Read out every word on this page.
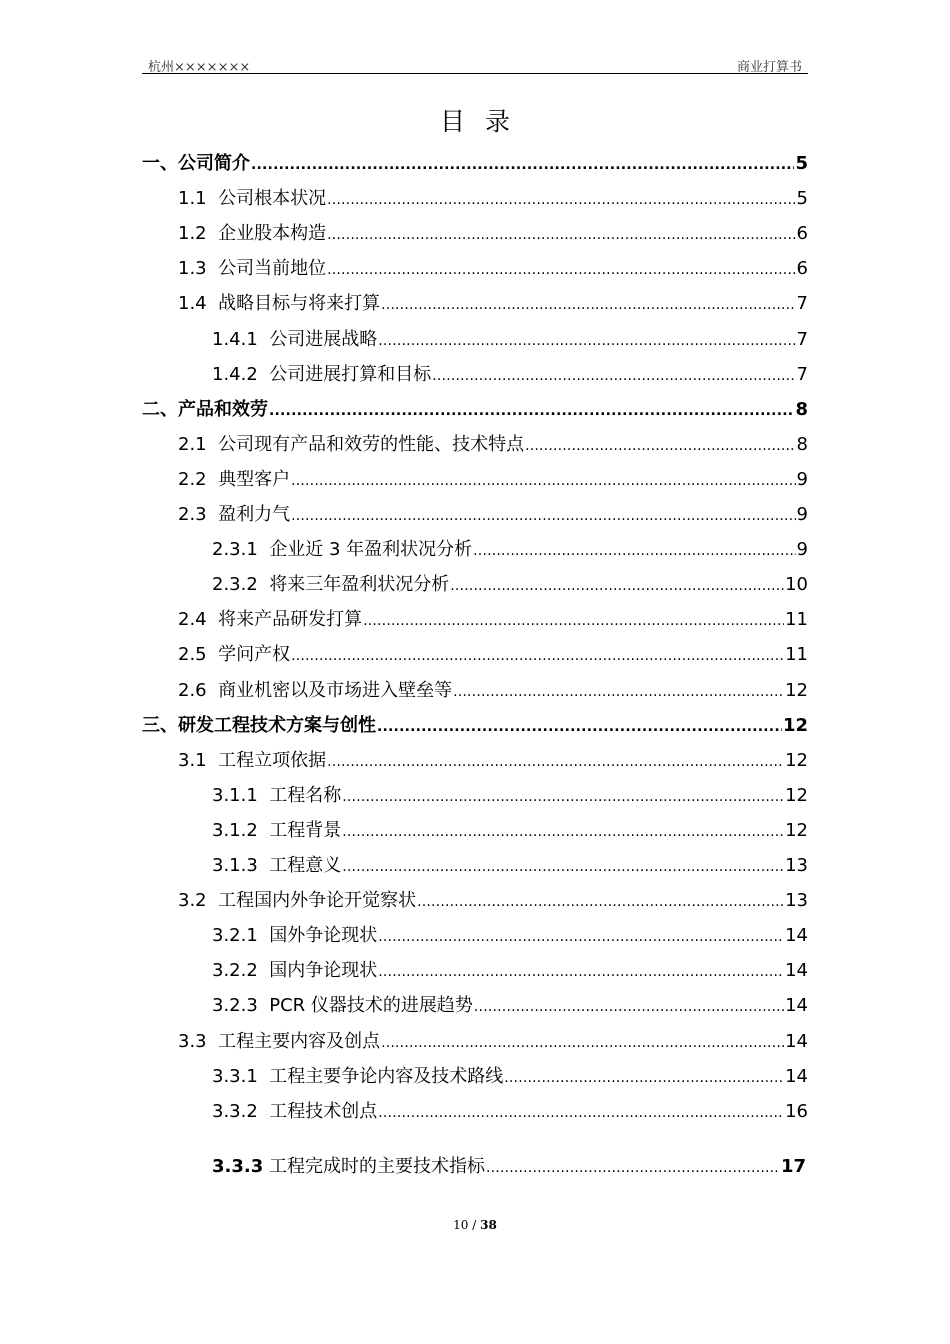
杭州×××××××	商业打算书
目录
一、公司简介 .....	5
1.1  公司根本状况 .....	5
1.2  企业股本构造 .....	6
1.3  公司当前地位 .....	6
1.4  战略目标与将来打算 .....	7
1.4.1  公司进展战略 .....	7
1.4.2  公司进展打算和目标 .....	7
二、产品和效劳 .....	8
2.1  公司现有产品和效劳的性能、技术特点 .....	8
2.2  典型客户 .....	9
2.3  盈利力气 .....	9
2.3.1  企业近 3 年盈利状况分析 .....	9
2.3.2  将来三年盈利状况分析 .....	10
2.4  将来产品研发打算 .....	11
2.5  学问产权 .....	11
2.6  商业机密以及市场进入壁垒等 .....	12
三、研发工程技术方案与创性 .....	12
3.1  工程立项依据 .....	12
3.1.1  工程名称 .....	12
3.1.2  工程背景 .....	12
3.1.3  工程意义 .....	13
3.2  工程国内外争论开觉察状 .....	13
3.2.1  国外争论现状 .....	14
3.2.2  国内争论现状 .....	14
3.2.3  PCR 仪器技术的进展趋势 .....	14
3.3  工程主要内容及创点 .....	14
3.3.1  工程主要争论内容及技术路线 .....	14
3.3.2  工程技术创点 .....	16
3.3.3 工程完成时的主要技术指标 .....	17
10 / 38
